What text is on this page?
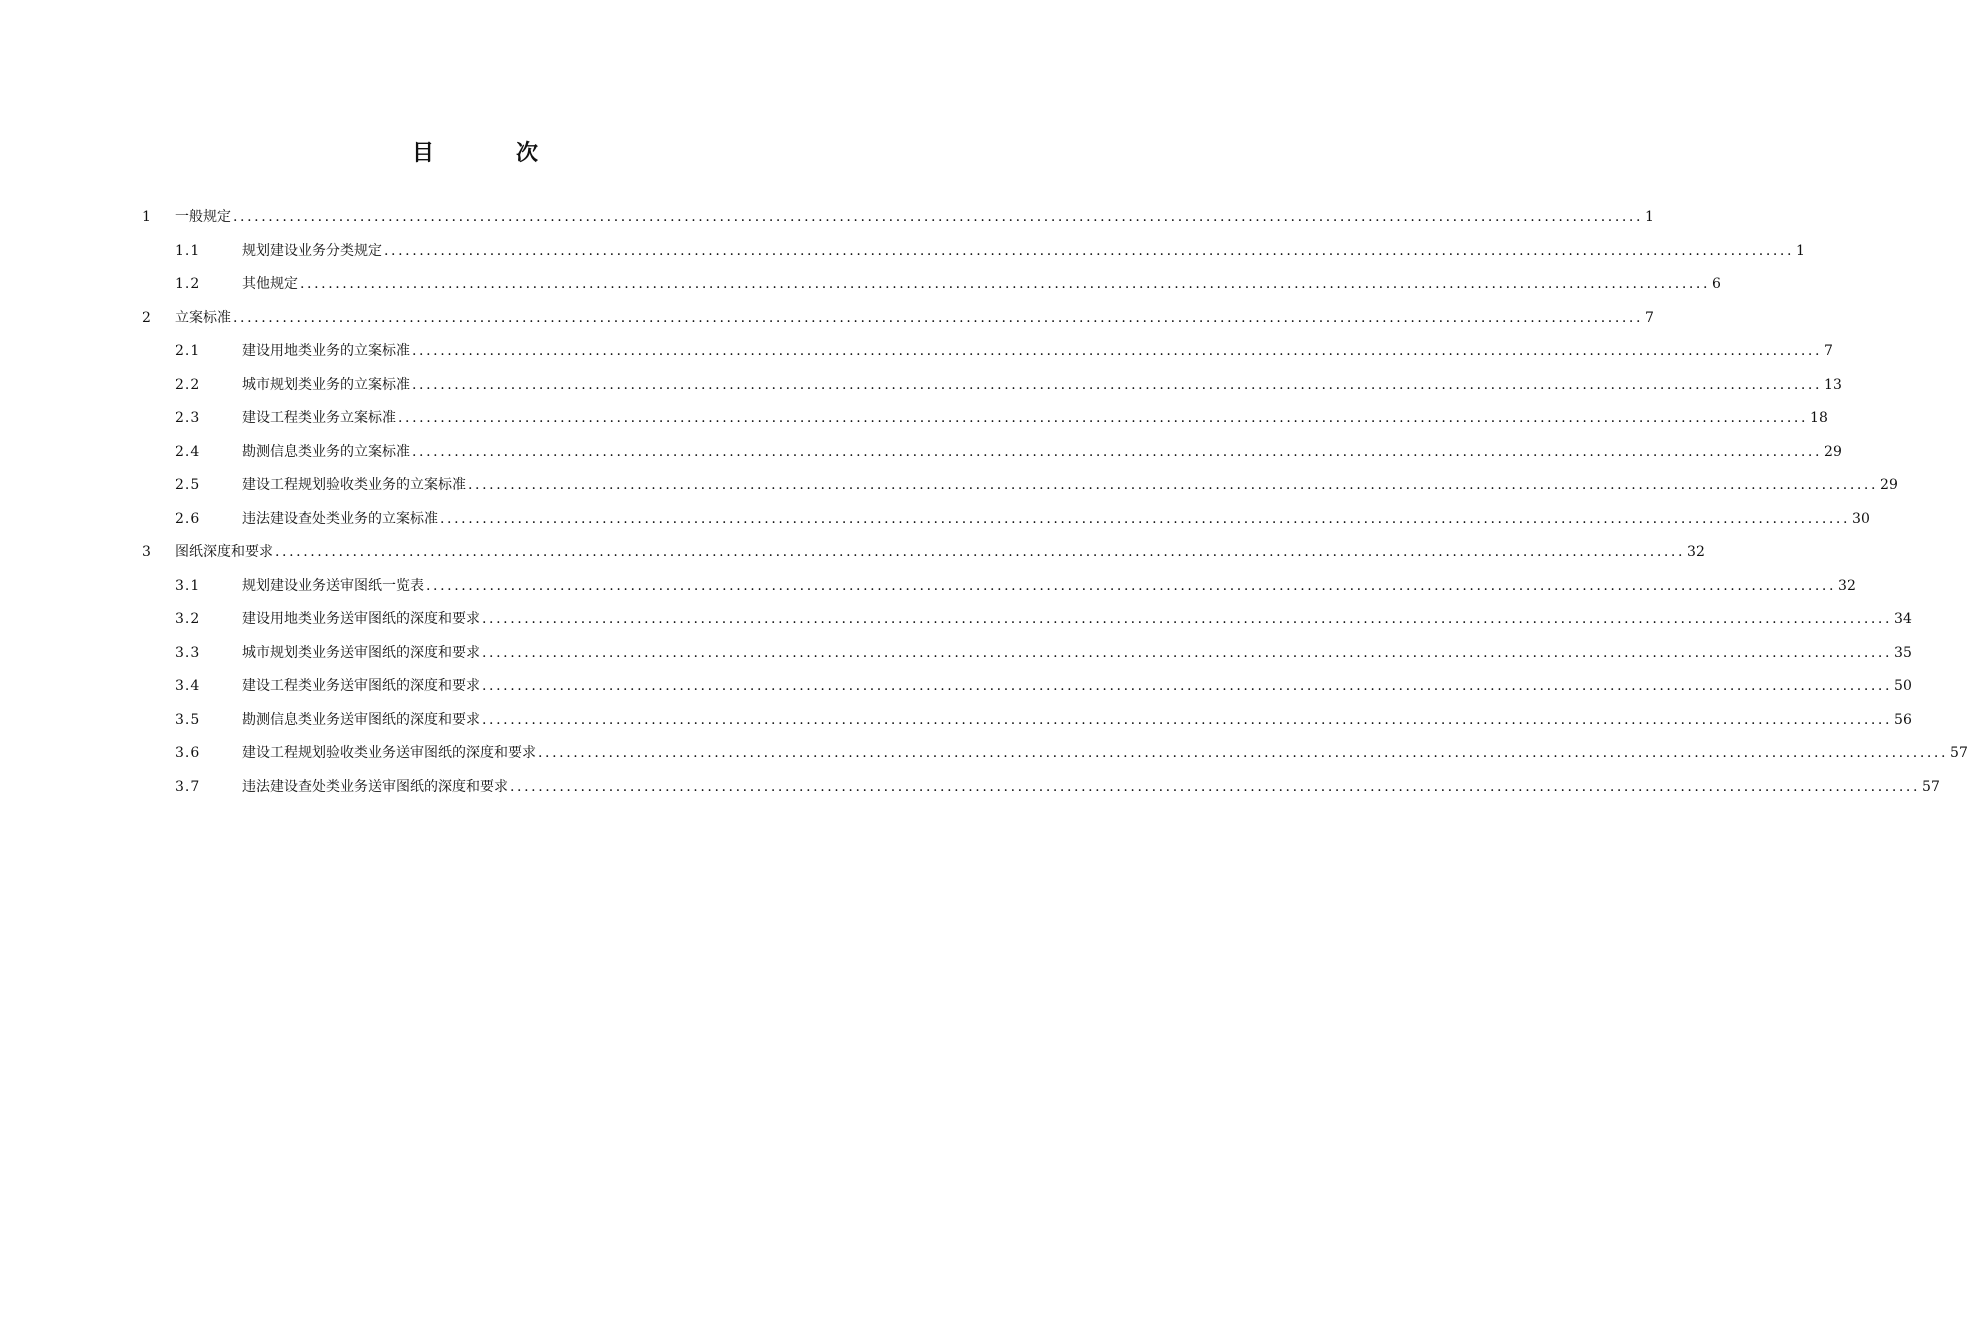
目　次
1 一般规定 ........................................................................................................................................................................................................ 1
1.1	规划建设业务分类规定 ........................................................................................................................................................................................................ 1
1.2	其他规定 ........................................................................................................................................................................................................ 6
2 立案标准 ........................................................................................................................................................................................................ 7
2.1	建设用地类业务的立案标准 ........................................................................................................................................................................................................ 7
2.2	城市规划类业务的立案标准 ........................................................................................................................................................................................................ 13
2.3	建设工程类业务立案标准 ........................................................................................................................................................................................................ 18
2.4	勘测信息类业务的立案标准 ........................................................................................................................................................................................................ 29
2.5	建设工程规划验收类业务的立案标准 ........................................................................................................................................................................................................ 29
2.6	违法建设查处类业务的立案标准 ........................................................................................................................................................................................................ 30
3 图纸深度和要求 ........................................................................................................................................................................................................ 32
3.1	规划建设业务送审图纸一览表 ........................................................................................................................................................................................................ 32
3.2	建设用地类业务送审图纸的深度和要求 ........................................................................................................................................................................................................ 34
3.3	城市规划类业务送审图纸的深度和要求 ........................................................................................................................................................................................................ 35
3.4	建设工程类业务送审图纸的深度和要求 ........................................................................................................................................................................................................ 50
3.5	勘测信息类业务送审图纸的深度和要求 ........................................................................................................................................................................................................ 56
3.6	建设工程规划验收类业务送审图纸的深度和要求 ........................................................................................................................................................................................................ 57
3.7	违法建设查处类业务送审图纸的深度和要求 ........................................................................................................................................................................................................ 57
